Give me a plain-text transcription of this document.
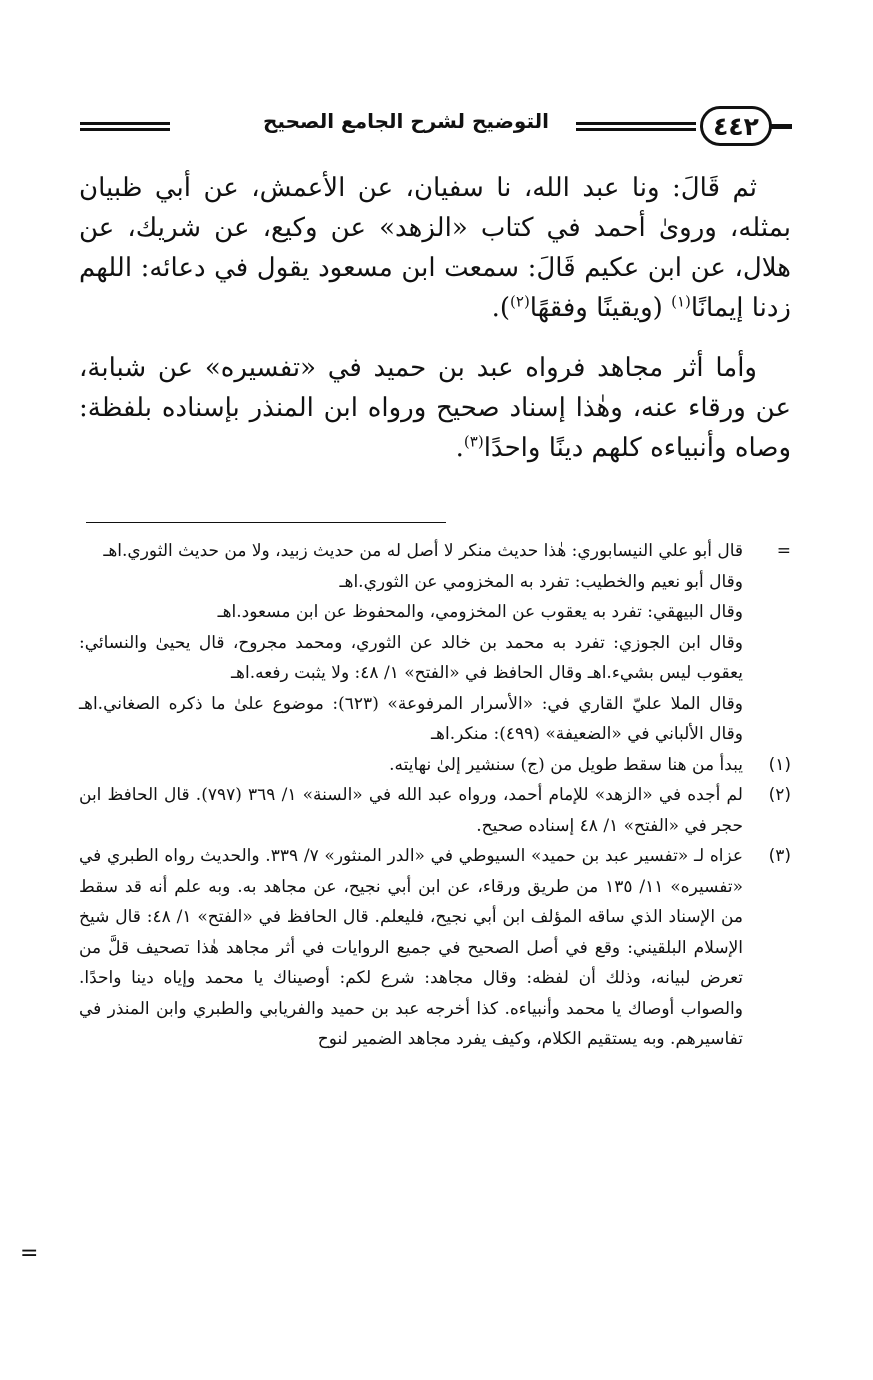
التوضيح لشرح الجامع الصحيح	٤٤٢

ثم قَالَ: ونا عبد الله، نا سفيان، عن الأعمش، عن أبي ظبيان بمثله، وروىٰ أحمد في كتاب «الزهد» عن وكيع، عن شريك، عن هلال، عن ابن عكيم قَالَ: سمعت ابن مسعود يقول في دعائه: اللهم زدنا إيمانًا$^{(١)}$ (ويقينًا وفقهًا$^{(٢)}$).

وأما أثر مجاهد فرواه عبد بن حميد في «تفسيره» عن شبابة، عن ورقاء عنه، وهٰذا إسناد صحيح ورواه ابن المنذر بإسناده بلفظة: وصاه وأنبياءه كلهم دينًا واحدًا$^{(٣)}$.

=
قال أبو علي النيسابوري: هٰذا حديث منكر لا أصل له من حديث زبيد، ولا من حديث الثوري.اهـ
وقال أبو نعيم والخطيب: تفرد به المخزومي عن الثوري.اهـ
وقال البيهقي: تفرد به يعقوب عن المخزومي، والمحفوظ عن ابن مسعود.اهـ
وقال ابن الجوزي: تفرد به محمد بن خالد عن الثوري، ومحمد مجروح، قال يحيىٰ والنسائي: يعقوب ليس بشيء.اهـ وقال الحافظ في «الفتح» ١/ ٤٨: ولا يثبت رفعه.اهـ
وقال الملا عليّ القاري في: «الأسرار المرفوعة» (٦٢٣): موضوع علىٰ ما ذكره الصغاني.اهـ وقال الألباني في «الضعيفة» (٤٩٩): منكر.اهـ
(١)
يبدأ من هنا سقط طويل من (ج) سنشير إلىٰ نهايته.
(٢)
لم أجده في «الزهد» للإمام أحمد، ورواه عبد الله في «السنة» ١/ ٣٦٩ (٧٩٧). قال الحافظ ابن حجر في «الفتح» ١/ ٤٨ إسناده صحيح.
(٣)
عزاه لـ «تفسير عبد بن حميد» السيوطي في «الدر المنثور» ٧/ ٣٣٩. والحديث رواه الطبري في «تفسيره» ١١/ ١٣٥ من طريق ورقاء، عن ابن أبي نجيح، عن مجاهد به. وبه علم أنه قد سقط من الإسناد الذي ساقه المؤلف ابن أبي نجيح، فليعلم. قال الحافظ في «الفتح» ١/ ٤٨: قال شيخ الإسلام البلقيني: وقع في أصل الصحيح في جميع الروايات في أثر مجاهد هٰذا تصحيف قلَّ من تعرض لبيانه، وذلك أن لفظه: وقال مجاهد: شرع لكم: أوصيناك يا محمد وإياه دينا واحدًا. والصواب أوصاك يا محمد وأنبياءه. كذا أخرجه عبد بن حميد والفريابي والطبري وابن المنذر في تفاسيرهم. وبه يستقيم الكلام، وكيف يفرد مجاهد الضمير لنوح
=
